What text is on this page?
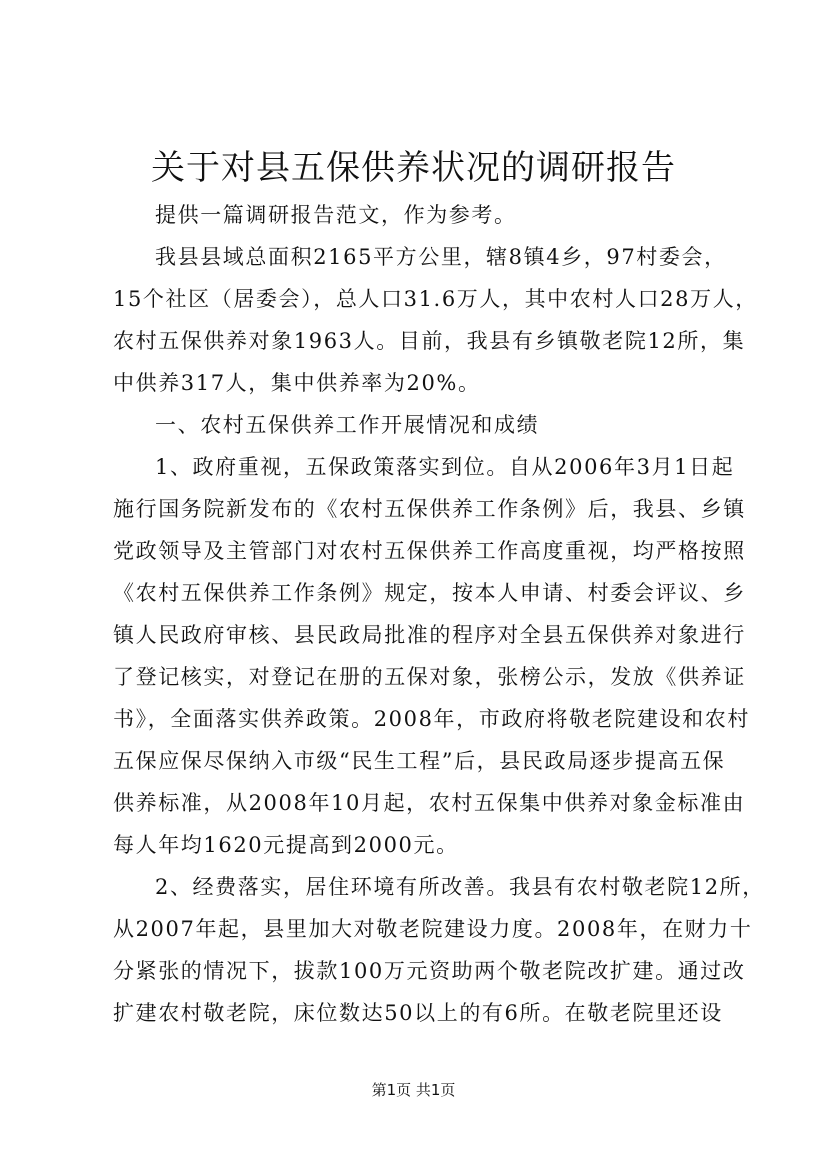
关于对县五保供养状况的调研报告
提供一篇调研报告范文，作为参考。
我县县域总面积2165平方公里，辖8镇4乡，97村委会，
15个社区（居委会），总人口31.6万人，其中农村人口28万人，
农村五保供养对象1963人。目前，我县有乡镇敬老院12所，集
中供养317人，集中供养率为20%。
一、农村五保供养工作开展情况和成绩
1、政府重视，五保政策落实到位。自从2006年3月1日起
施行国务院新发布的《农村五保供养工作条例》后，我县、乡镇
党政领导及主管部门对农村五保供养工作高度重视，均严格按照
《农村五保供养工作条例》规定，按本人申请、村委会评议、乡
镇人民政府审核、县民政局批准的程序对全县五保供养对象进行
了登记核实，对登记在册的五保对象，张榜公示，发放《供养证
书》，全面落实供养政策。2008年，市政府将敬老院建设和农村
五保应保尽保纳入市级“民生工程”后，县民政局逐步提高五保
供养标准，从2008年10月起，农村五保集中供养对象金标准由
每人年均1620元提高到2000元。
2、经费落实，居住环境有所改善。我县有农村敬老院12所，
从2007年起，县里加大对敬老院建设力度。2008年，在财力十
分紧张的情况下，拔款100万元资助两个敬老院改扩建。通过改
扩建农村敬老院，床位数达50以上的有6所。在敬老院里还设
第1页 共1页
